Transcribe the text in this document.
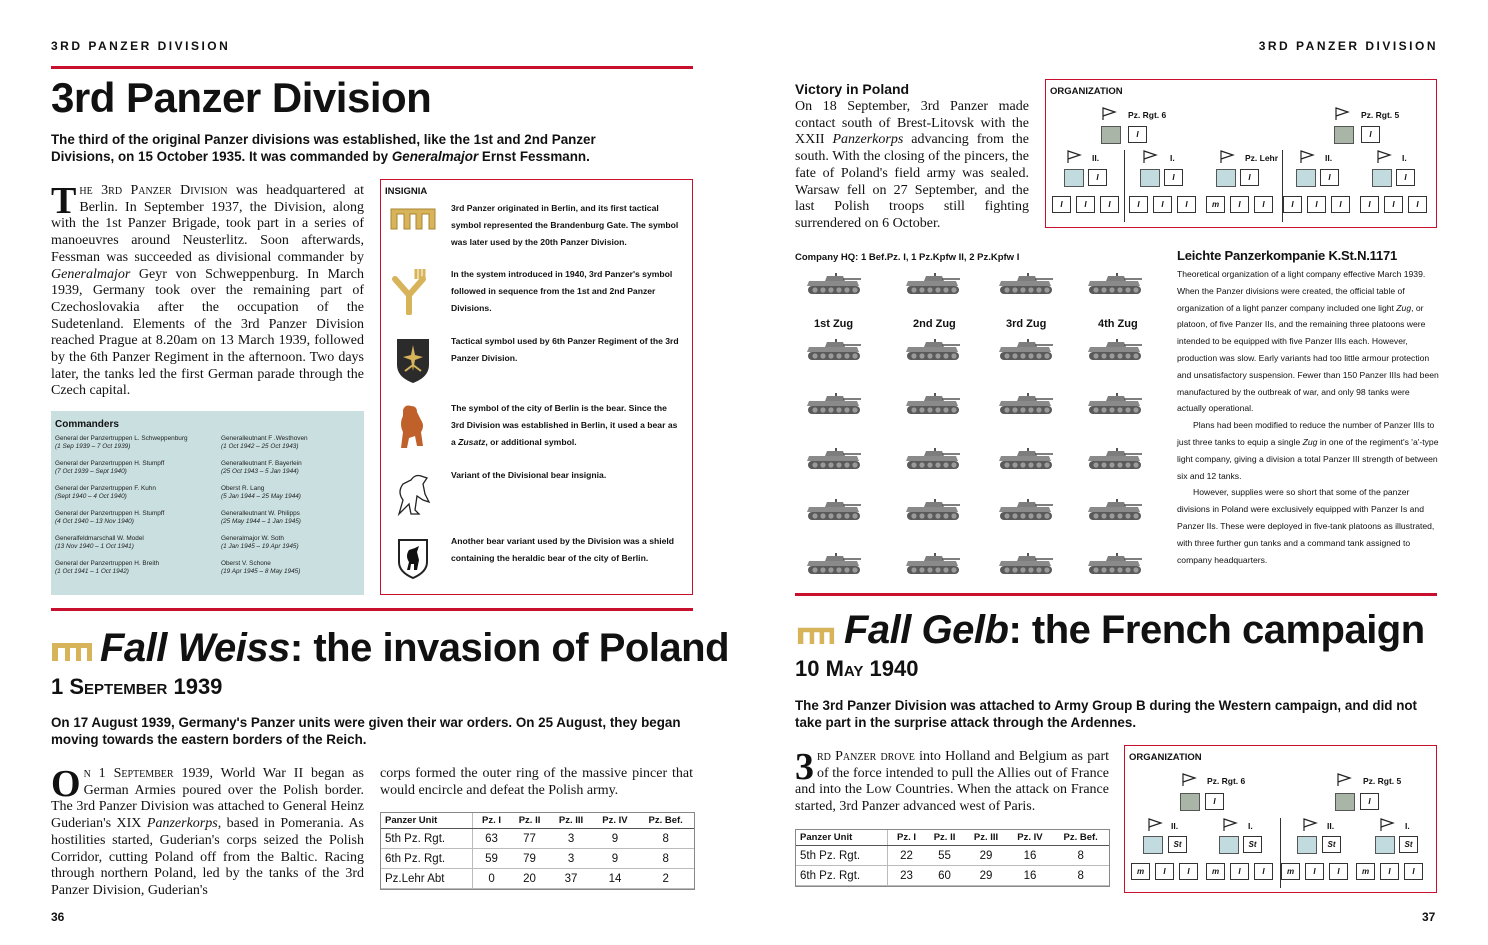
3RD PANZER DIVISION	3RD PANZER DIVISION
3rd Panzer Division
The third of the original Panzer divisions was established, like the 1st and 2nd Panzer Divisions, on 15 October 1935. It was commanded by Generalmajor Ernst Fessmann.
The 3rd Panzer Division was headquartered at Berlin. In September 1937, the Division, along with the 1st Panzer Brigade, took part in a series of manoeuvres around Neusterlitz. Soon afterwards, Fessman was succeeded as divisional commander by Generalmajor Geyr von Schweppenburg. In March 1939, Germany took over the remaining part of Czechoslovakia after the occupation of the Sudetenland. Elements of the 3rd Panzer Division reached Prague at 8.20am on 13 March 1939, followed by the 6th Panzer Regiment in the afternoon. Two days later, the tanks led the first German parade through the Czech capital.
Commanders
General der Panzertruppen L. Schweppenburg
(1 Sep 1939 – 7 Oct 1939)
General der Panzertruppen H. Stumpff
(7 Oct 1939 – Sept 1940)
General der Panzertruppen F. Kuhn
(Sept 1940 – 4 Oct 1940)
General der Panzertruppen H. Stumpff
(4 Oct 1940 – 13 Nov 1940)
Generalfeldmarschall W. Model
(13 Nov 1940 – 1 Oct 1941)
General der Panzertruppen H. Breith
(1 Oct 1941 – 1 Oct 1942)
Generalleutnant F .Westhoven
(1 Oct 1942 – 25 Oct 1943)
Generalleutnant F. Bayerlein
(25 Oct 1943 – 5 Jan 1944)
Oberst R. Lang
(5 Jan 1944 – 25 May 1944)
Generalleutnant W. Philipps
(25 May 1944 – 1 Jan 1945)
Generalmajor W. Soth
(1 Jan 1945 – 19 Apr 1945)
Oberst V. Schone
(19 Apr 1945 – 8 May 1945)
INSIGNIA
3rd Panzer originated in Berlin, and its first tactical symbol represented the Brandenburg Gate. The symbol was later used by the 20th Panzer Division.
In the system introduced in 1940, 3rd Panzer's symbol followed in sequence from the 1st and 2nd Panzer Divisions.
Tactical symbol used by 6th Panzer Regiment of the 3rd Panzer Division.
The symbol of the city of Berlin is the bear. Since the 3rd Division was established in Berlin, it used a bear as a Zusatz, or additional symbol.
Variant of the Divisional bear insignia.
Another bear variant used by the Division was a shield containing the heraldic bear of the city of Berlin.
Fall Weiss: the invasion of Poland
1 September 1939
On 17 August 1939, Germany's Panzer units were given their war orders. On 25 August, they began moving towards the eastern borders of the Reich.
On 1 September 1939, World War II began as German Armies poured over the Polish border. The 3rd Panzer Division was attached to General Heinz Guderian's XIX Panzerkorps, based in Pomerania. As hostilities started, Guderian's corps seized the Polish Corridor, cutting Poland off from the Baltic. Racing through northern Poland, led by the tanks of the 3rd Panzer Division, Guderian's
corps formed the outer ring of the massive pincer that would encircle and defeat the Polish army.
Panzer Unit	Pz. I	Pz. II	Pz. III	Pz. IV	Pz. Bef.
5th Pz. Rgt.	63	77	3	9	8
6th Pz. Rgt.	59	79	3	9	8
Pz.Lehr Abt	0	20	37	14	2
36
Victory in Poland
On 18 September, 3rd Panzer made contact south of Brest-Litovsk with the XXII Panzerkorps advancing from the south. With the closing of the pincers, the fate of Poland's field army was sealed. Warsaw fell on 27 September, and the last Polish troops still fighting surrendered on 6 October.
ORGANIZATION
Pz. Rgt. 6
I
Pz. Rgt. 5
I
II.
I
I.
I
Pz. Lehr
I
II.
I
I.
I
I	I	I	I	I	I	m	I	I	I	I	I	I	I	I
Company HQ: 1 Bef.Pz. I, 1 Pz.Kpfw II, 2 Pz.Kpfw I
1st Zug	2nd Zug	3rd Zug	4th Zug
Leichte Panzerkompanie K.St.N.1171
Theoretical organization of a light company effective March 1939. When the Panzer divisions were created, the official table of organization of a light panzer company included one light Zug, or platoon, of five Panzer IIs, and the remaining three platoons were intended to be equipped with five Panzer IIIs each. However, production was slow. Early variants had too little armour protection and unsatisfactory suspension. Fewer than 150 Panzer IIIs had been manufactured by the outbreak of war, and only 98 tanks were actually operational.
Plans had been modified to reduce the number of Panzer IIIs to just three tanks to equip a single Zug in one of the regiment's 'a'-type light company, giving a division a total Panzer III strength of between six and 12 tanks.
However, supplies were so short that some of the panzer divisions in Poland were exclusively equipped with Panzer Is and Panzer IIs. These were deployed in five-tank platoons as illustrated, with three further gun tanks and a command tank assigned to company headquarters.
Fall Gelb: the French campaign
10 May 1940
The 3rd Panzer Division was attached to Army Group B during the Western campaign, and did not take part in the surprise attack through the Ardennes.
3 rd Panzer drove into Holland and Belgium as part of the force intended to pull the Allies out of France and into the Low Countries. When the attack on France started, 3rd Panzer advanced west of Paris.
Panzer Unit	Pz. I	Pz. II	Pz. III	Pz. IV	Pz. Bef.
5th Pz. Rgt.	22	55	29	16	8
6th Pz. Rgt.	23	60	29	16	8
ORGANIZATION
Pz. Rgt. 6
I
Pz. Rgt. 5
I
II.
St
I.
St
II.
St
I.
St
m	I	I	m	I	I	m	I	I	m	I	I
37
